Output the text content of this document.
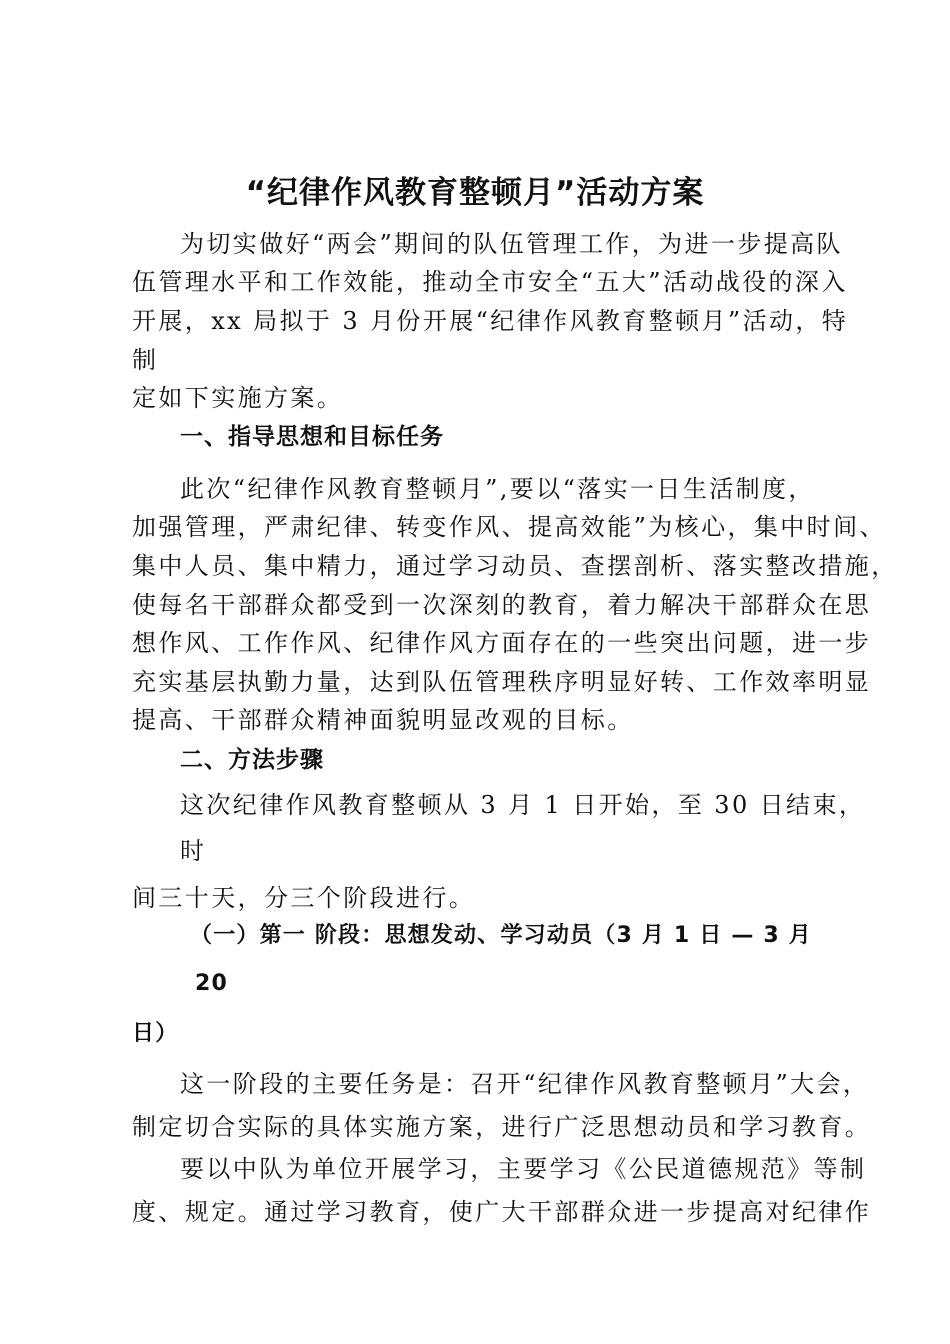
“纪律作风教育整顿月”活动方案
为切实做好“两会”期间的队伍管理工作，为进一步提高队
伍管理水平和工作效能，推动全市安全“五大”活动战役的深入
开展，xx 局拟于 3 月份开展“纪律作风教育整顿月”活动，特
制
定如下实施方案。
一、指导思想和目标任务
此次“纪律作风教育整顿月”,要以“落实一日生活制度，
加强管理，严肃纪律、转变作风、提高效能”为核心，集中时间、
集中人员、集中精力，通过学习动员、查摆剖析、落实整改措施，
使每名干部群众都受到一次深刻的教育，着力解决干部群众在思
想作风、工作作风、纪律作风方面存在的一些突出问题，进一步
充实基层执勤力量，达到队伍管理秩序明显好转、工作效率明显
提高、干部群众精神面貌明显改观的目标。
二、方法步骤
这次纪律作风教育整顿从 3 月 1 日开始，至 30 日结束，
时
间三十天，分三个阶段进行。
（一）第一 阶段：思想发动、学习动员（3 月 1 日 — 3 月
20
日）
这一阶段的主要任务是：召开“纪律作风教育整顿月”大会，
制定切合实际的具体实施方案，进行广泛思想动员和学习教育。
要以中队为单位开展学习，主要学习《公民道德规范》等制
度、规定。通过学习教育，使广大干部群众进一步提高对纪律作
